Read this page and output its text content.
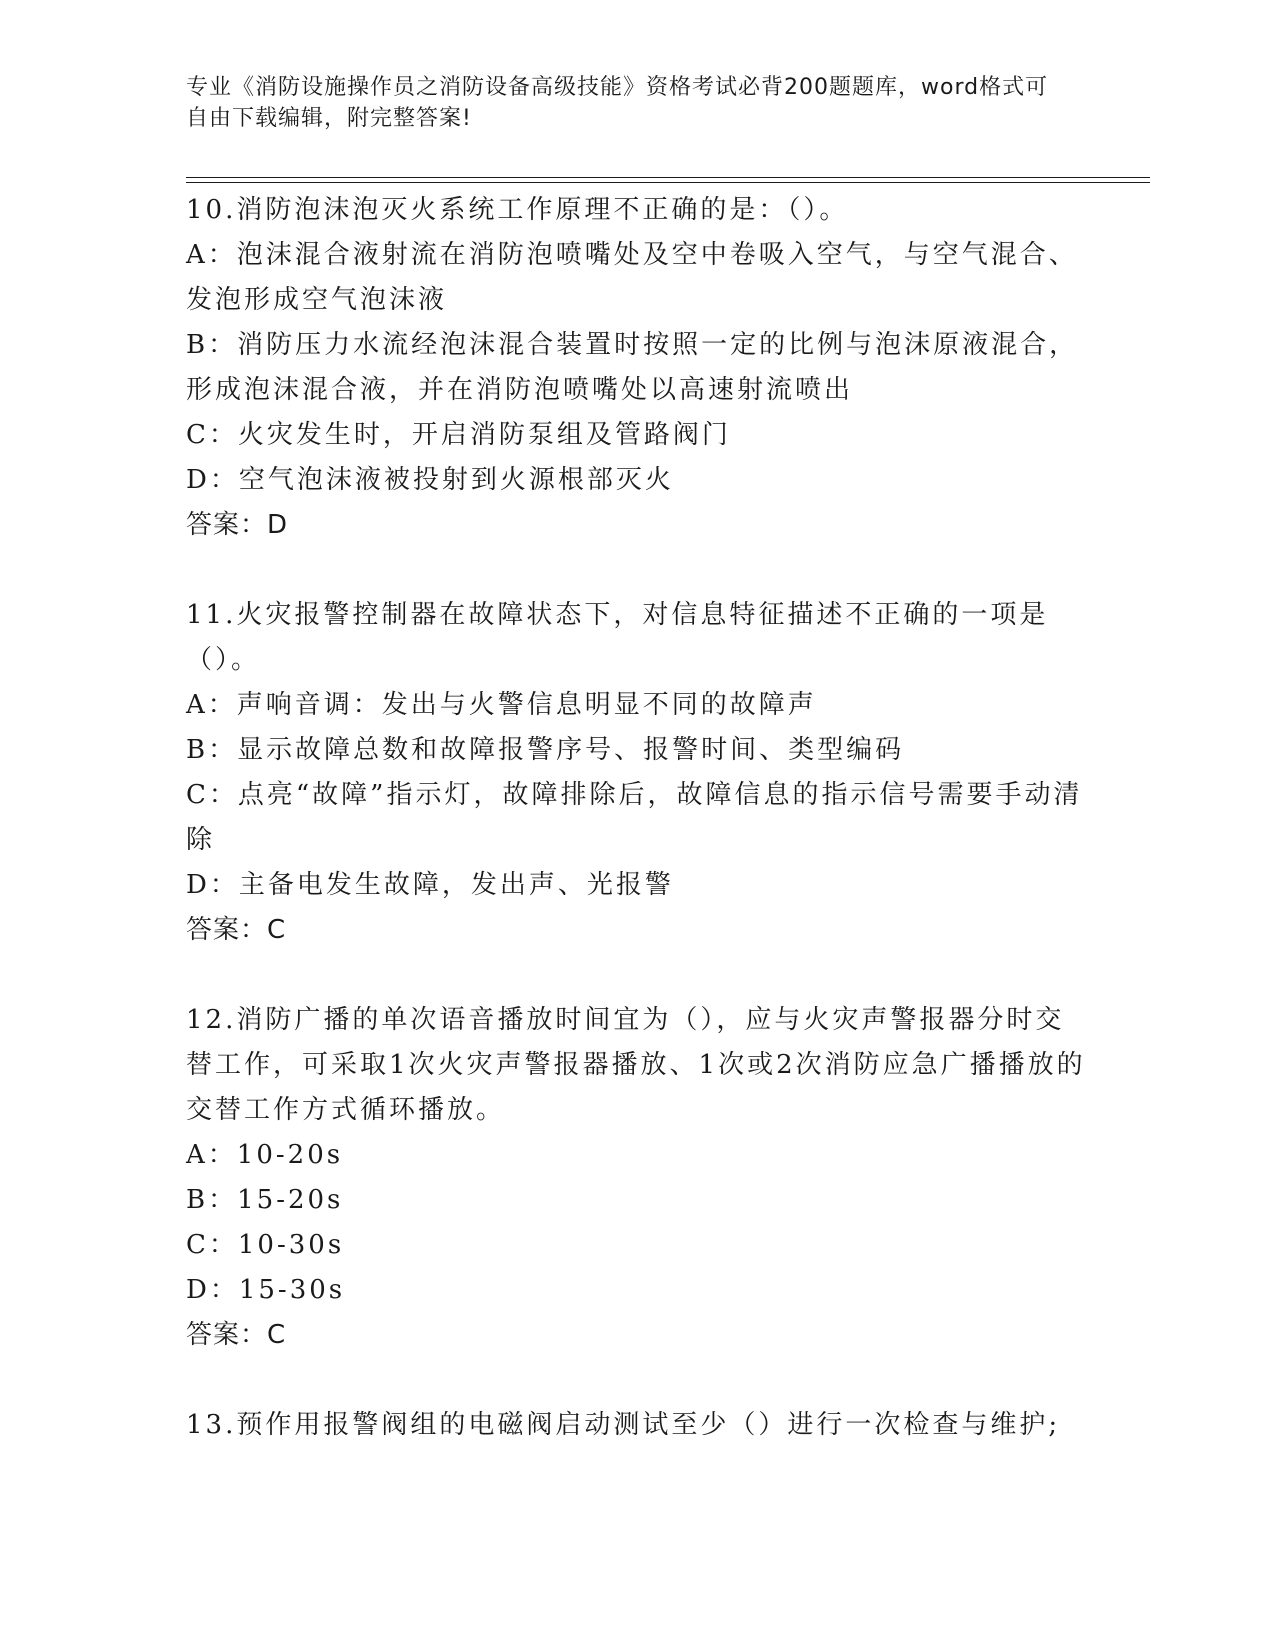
专业《消防设施操作员之消防设备高级技能》资格考试必背200题题库，word格式可自由下载编辑，附完整答案!
10.消防泡沫泡灭火系统工作原理不正确的是：（）。
A：泡沫混合液射流在消防泡喷嘴处及空中卷吸入空气，与空气混合、发泡形成空气泡沫液
B：消防压力水流经泡沫混合装置时按照一定的比例与泡沫原液混合，形成泡沫混合液，并在消防泡喷嘴处以高速射流喷出
C：火灾发生时，开启消防泵组及管路阀门
D：空气泡沫液被投射到火源根部灭火
答案：D
11.火灾报警控制器在故障状态下，对信息特征描述不正确的一项是（）。
A：声响音调：发出与火警信息明显不同的故障声
B：显示故障总数和故障报警序号、报警时间、类型编码
C：点亮“故障”指示灯，故障排除后，故障信息的指示信号需要手动清除
D：主备电发生故障，发出声、光报警
答案：C
12.消防广播的单次语音播放时间宜为（），应与火灾声警报器分时交替工作，可采取1次火灾声警报器播放、1次或2次消防应急广播播放的交替工作方式循环播放。
A：10-20s
B：15-20s
C：10-30s
D：15-30s
答案：C
13.预作用报警阀组的电磁阀启动测试至少（）进行一次检查与维护;
